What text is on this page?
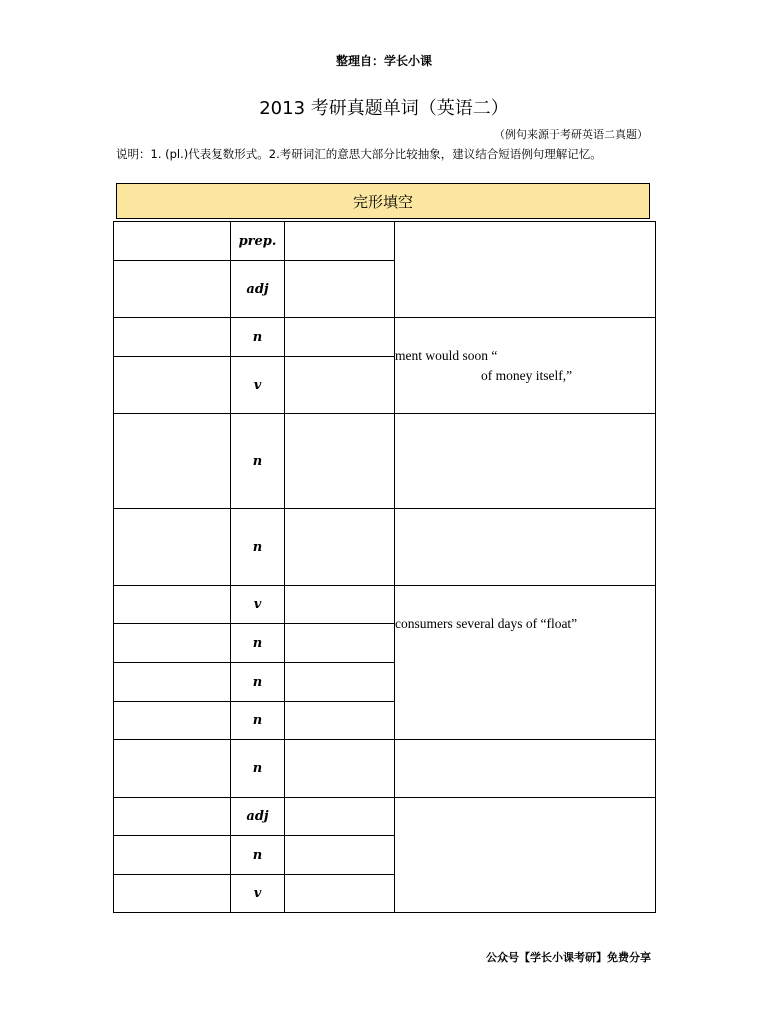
整理自：学长小课
2013 考研真题单词（英语二）
（例句来源于考研英语二真题）
说明：1. (pl.)代表复数形式。2.考研词汇的意思大部分比较抽象，建议结合短语例句理解记忆。
完形填空
	prep.		
	adj		
	n		ment would soon “
of money itself,”

	v		
	n		
	n		
	v		consumers several days of “float”

	n		
	n		
	n		
	n		
	adj		
	n		
	v		
公众号【学长小课考研】免费分享
